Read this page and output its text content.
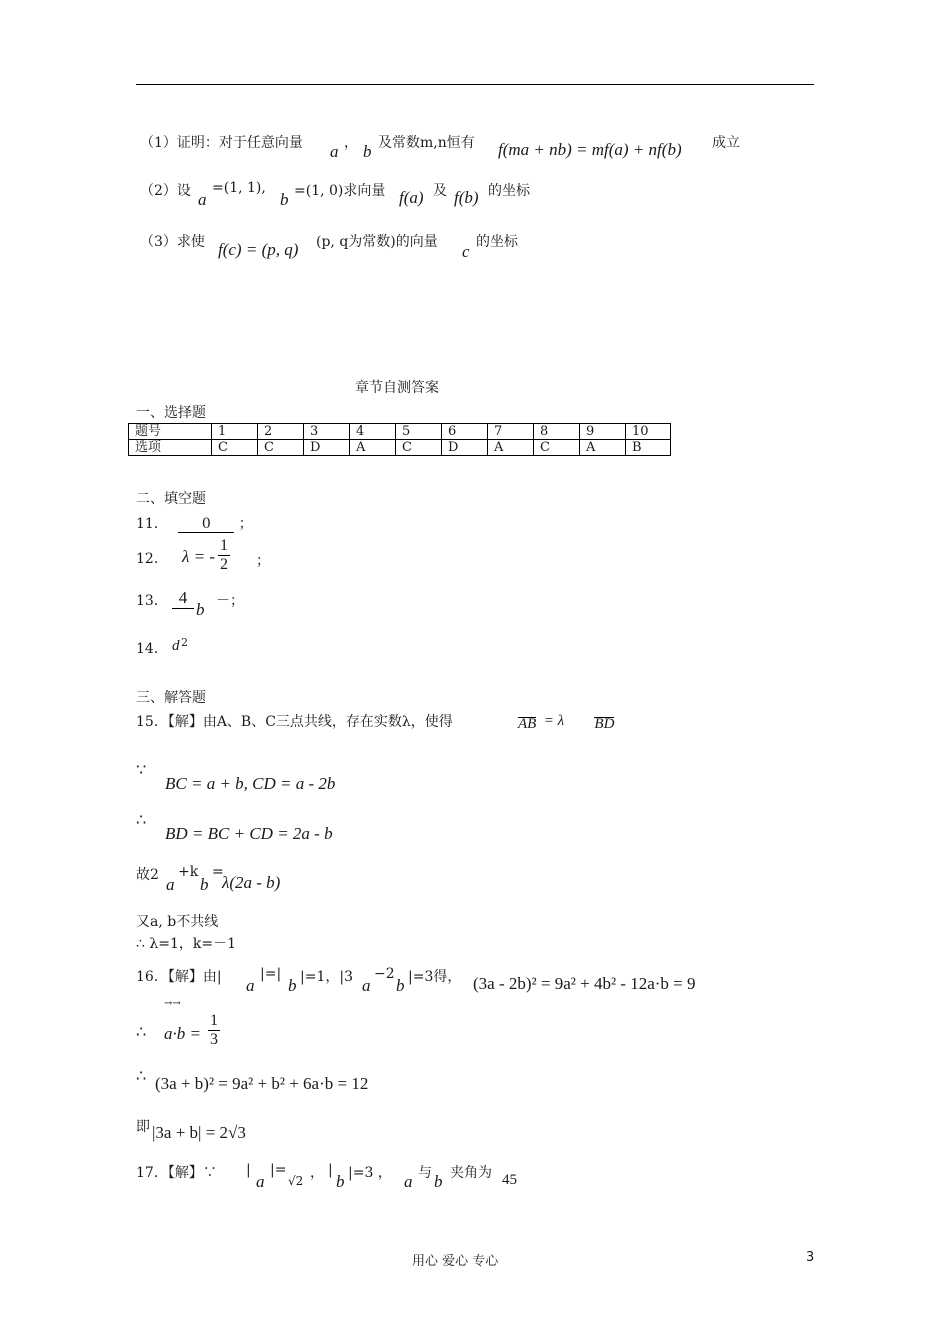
（1）证明：对于任意向量 a ， b 及常数m,n恒有 f(ma + nb) = mf(a) + nf(b) 成立
（2）设 a
=(1, 1),
b =(1, 0)求向量 f(a) 及 f(b) 的坐标
（3）求使 f(c) = (p, q) (p, q为常数)的向量 c 的坐标
章节自测答案
一、选择题
题号	1	2	3	4	5	6	7	8	9	10
选项	C	C	D	A	C	D	A	C	A	B
二、填空题
11． 0 ；
12． λ = - $\frac{1}{2}$ ；
13． 4
b －；
14． d 2
三、解答题
15．【解】由A、B、C三点共线，存在实数λ，使得	AB = λ BD
∵
BC = a + b, CD = a - 2b
∴
BD = BC + CD = 2a - b
故2 a
+k
b
=
λ(2a - b)
又a, b不共线
∴ λ=1，k=－1
16．【解】由| a
|=|
b |=1，|3 a
−2
b |=3得， (3a - 2b)² = 9a² + 4b² - 12a·b = 9
→→
∴ $a\cdot b = \frac{1}{3}$
∴ (3a + b)² = 9a² + b² + 6a·b = 12
即 |3a + b| = 2√3
17．【解】∵ |
a
|=
√2 ， |
b |=3 ， a 与 b 夹角为 45
用心 爱心 专心	3
